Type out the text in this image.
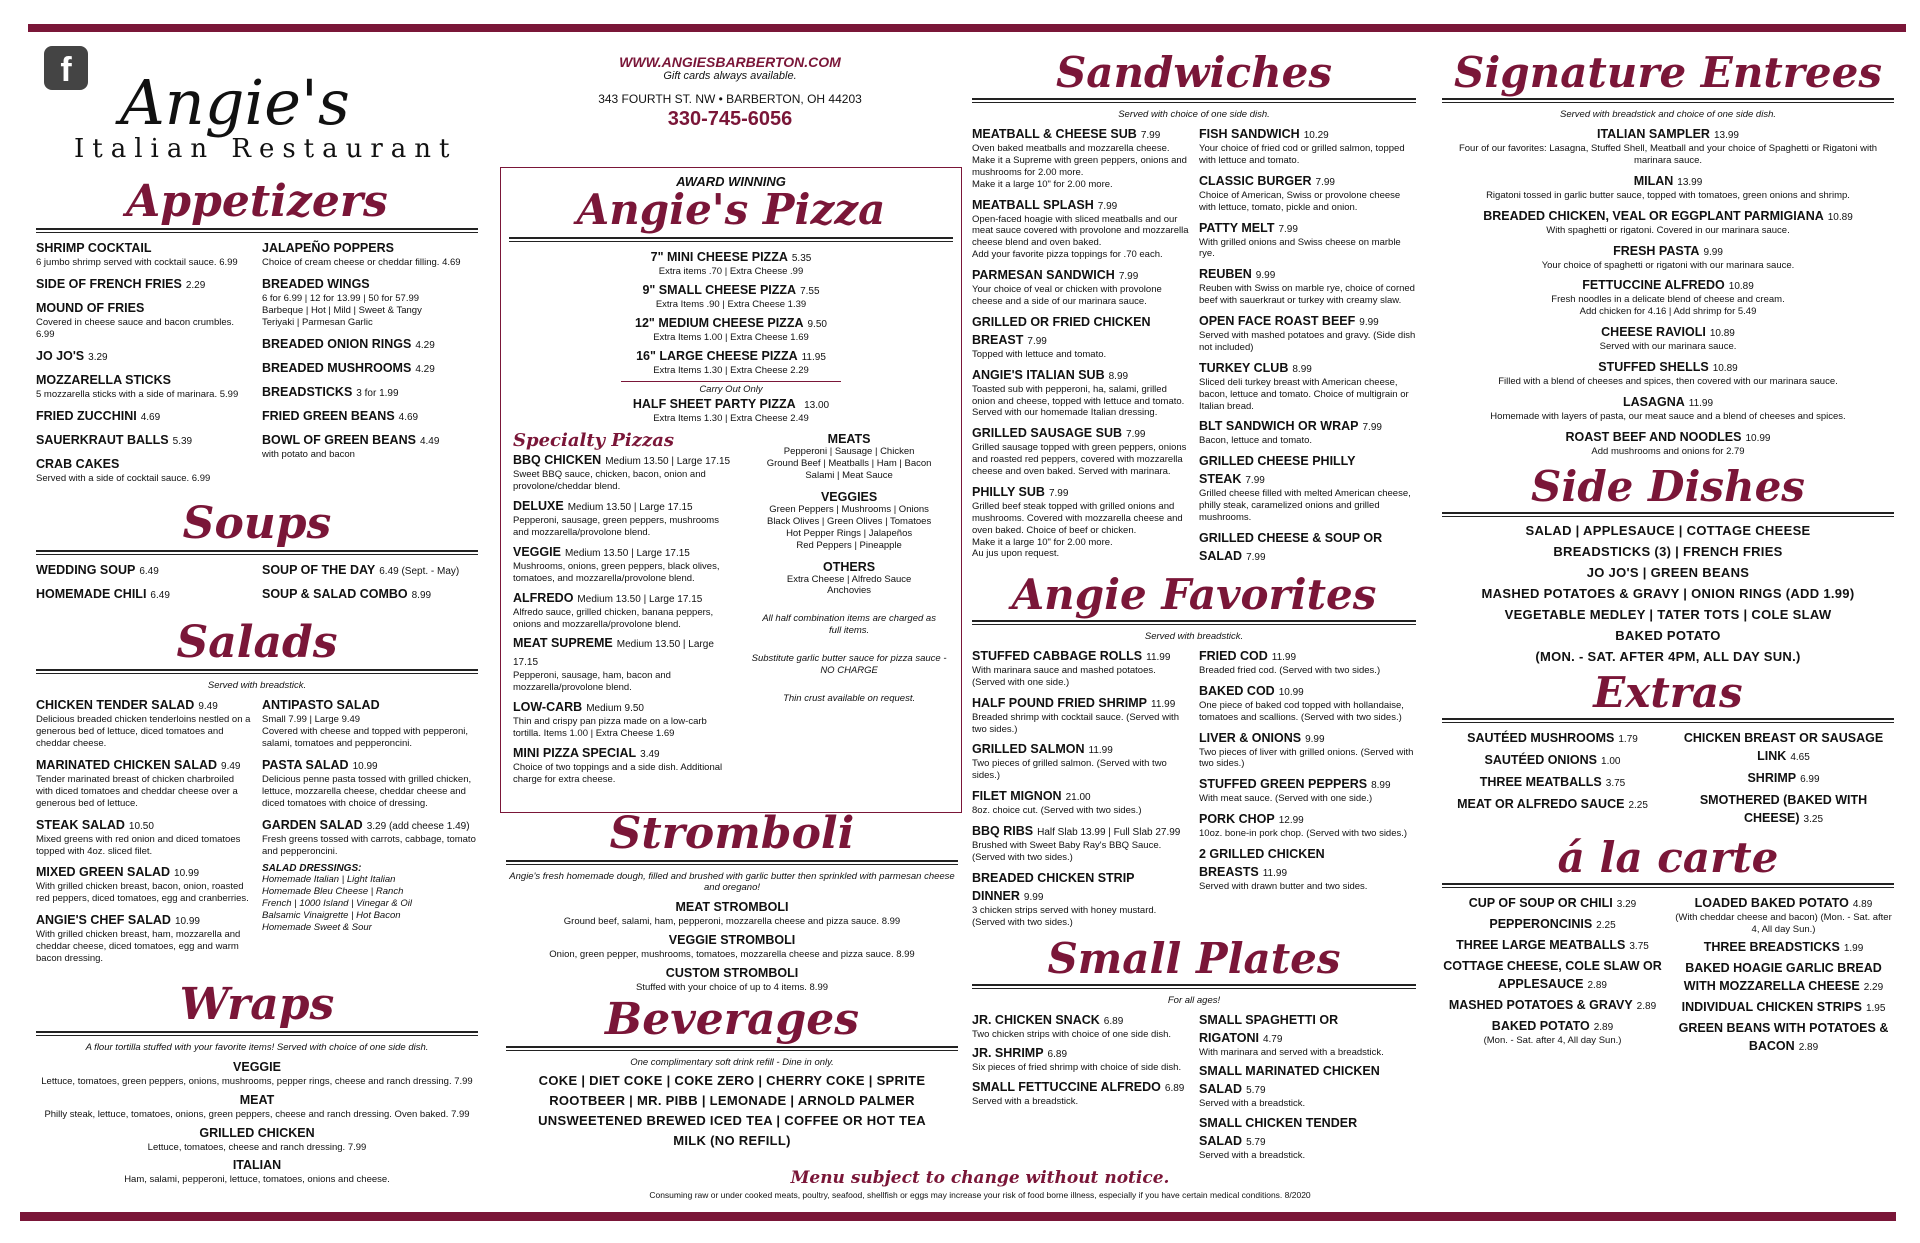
f Angie's
Italian Restaurant
Appetizers
SHRIMP COCKTAIL
6 jumbo shrimp served with cocktail sauce. 6.99
SIDE OF FRENCH FRIES 2.29
MOUND OF FRIES
Covered in cheese sauce and bacon crumbles. 6.99
JO JO'S 3.29
MOZZARELLA STICKS
5 mozzarella sticks with a side of marinara. 5.99
FRIED ZUCCHINI 4.69
SAUERKRAUT BALLS 5.39
CRAB CAKES
Served with a side of cocktail sauce. 6.99
JALAPEÑO POPPERS
Choice of cream cheese or cheddar filling. 4.69
BREADED WINGS
6 for 6.99 | 12 for 13.99 | 50 for 57.99
Barbeque | Hot | Mild | Sweet & Tangy
Teriyaki | Parmesan Garlic
BREADED ONION RINGS 4.29
BREADED MUSHROOMS 4.29
BREADSTICKS 3 for 1.99
FRIED GREEN BEANS 4.69
BOWL OF GREEN BEANS 4.49
with potato and bacon
Soups
WEDDING SOUP 6.49
HOMEMADE CHILI 6.49
SOUP OF THE DAY 6.49 (Sept. - May)
SOUP & SALAD COMBO 8.99
Salads
Served with breadstick.
CHICKEN TENDER SALAD 9.49
Delicious breaded chicken tenderloins nestled on a generous bed of lettuce, diced tomatoes and cheddar cheese.
MARINATED CHICKEN SALAD 9.49
Tender marinated breast of chicken charbroiled with diced tomatoes and cheddar cheese over a generous bed of lettuce.
STEAK SALAD 10.50
Mixed greens with red onion and diced tomatoes topped with 4oz. sliced filet.
MIXED GREEN SALAD 10.99
With grilled chicken breast, bacon, onion, roasted red peppers, diced tomatoes, egg and cranberries.
ANGIE'S CHEF SALAD 10.99
With grilled chicken breast, ham, mozzarella and cheddar cheese, diced tomatoes, egg and warm bacon dressing.
ANTIPASTO SALAD
Small 7.99 | Large 9.49
Covered with cheese and topped with pepperoni, salami, tomatoes and pepperoncini.
PASTA SALAD 10.99
Delicious penne pasta tossed with grilled chicken, lettuce, mozzarella cheese, cheddar cheese and diced tomatoes with choice of dressing.
GARDEN SALAD 3.29 (add cheese 1.49)
Fresh greens tossed with carrots, cabbage, tomato and pepperoncini.
SALAD DRESSINGS:
Homemade Italian | Light Italian
Homemade Bleu Cheese | Ranch
French | 1000 Island | Vinegar & Oil
Balsamic Vinaigrette | Hot Bacon
Homemade Sweet & Sour
Wraps
A flour tortilla stuffed with your favorite items! Served with choice of one side dish.
VEGGIE
Lettuce, tomatoes, green peppers, onions, mushrooms, pepper rings, cheese and ranch dressing. 7.99
MEAT
Philly steak, lettuce, tomatoes, onions, green peppers, cheese and ranch dressing. Oven baked. 7.99
GRILLED CHICKEN
Lettuce, tomatoes, cheese and ranch dressing. 7.99
ITALIAN
Ham, salami, pepperoni, lettuce, tomatoes, onions and cheese.
WWW.ANGIESBARBERTON.COM
Gift cards always available.
343 FOURTH ST. NW • BARBERTON, OH 44203
330-745-6056
AWARD WINNING
Angie's Pizza
7" MINI CHEESE PIZZA 5.35
Extra items .70 | Extra Cheese .99
9" SMALL CHEESE PIZZA 7.55
Extra Items .90 | Extra Cheese 1.39
12" MEDIUM CHEESE PIZZA 9.50
Extra Items 1.00 | Extra Cheese 1.69
16" LARGE CHEESE PIZZA 11.95
Extra Items 1.30 | Extra Cheese 2.29
Carry Out Only
HALF SHEET PARTY PIZZA 13.00
Extra Items 1.30 | Extra Cheese 2.49
Specialty Pizzas
BBQ CHICKEN Medium 13.50 | Large 17.15
Sweet BBQ sauce, chicken, bacon, onion and provolone/cheddar blend.
DELUXE Medium 13.50 | Large 17.15
Pepperoni, sausage, green peppers, mushrooms and mozzarella/provolone blend.
VEGGIE Medium 13.50 | Large 17.15
Mushrooms, onions, green peppers, black olives, tomatoes, and mozzarella/provolone blend.
ALFREDO Medium 13.50 | Large 17.15
Alfredo sauce, grilled chicken, banana peppers, onions and mozzarella/provolone blend.
MEAT SUPREME Medium 13.50 | Large 17.15
Pepperoni, sausage, ham, bacon and mozzarella/provolone blend.
LOW-CARB Medium 9.50
Thin and crispy pan pizza made on a low-carb tortilla. Items 1.00 | Extra Cheese 1.69
MINI PIZZA SPECIAL 3.49
Choice of two toppings and a side dish. Additional charge for extra cheese.
MEATS
Pepperoni | Sausage | Chicken
Ground Beef | Meatballs | Ham | Bacon
Salami | Meat Sauce
VEGGIES
Green Peppers | Mushrooms | Onions
Black Olives | Green Olives | Tomatoes
Hot Pepper Rings | Jalapeños
Red Peppers | Pineapple
OTHERS
Extra Cheese | Alfredo Sauce
Anchovies
All half combination items are charged as full items.
Substitute garlic butter sauce for pizza sauce - NO CHARGE
Thin crust available on request.
Stromboli
Angie's fresh homemade dough, filled and brushed with garlic butter then sprinkled with parmesan cheese and oregano!
MEAT STROMBOLI
Ground beef, salami, ham, pepperoni, mozzarella cheese and pizza sauce. 8.99
VEGGIE STROMBOLI
Onion, green pepper, mushrooms, tomatoes, mozzarella cheese and pizza sauce. 8.99
CUSTOM STROMBOLI
Stuffed with your choice of up to 4 items. 8.99
Beverages
One complimentary soft drink refill - Dine in only.
COKE | DIET COKE | COKE ZERO | CHERRY COKE | SPRITE
ROOTBEER | MR. PIBB | LEMONADE | ARNOLD PALMER
UNSWEETENED BREWED ICED TEA | COFFEE OR HOT TEA
MILK (NO REFILL)
Sandwiches
Served with choice of one side dish.
MEATBALL & CHEESE SUB 7.99
Oven baked meatballs and mozzarella cheese.
Make it a Supreme with green peppers, onions and mushrooms for 2.00 more.
Make it a large 10" for 2.00 more.
MEATBALL SPLASH 7.99
Open-faced hoagie with sliced meatballs and our meat sauce covered with provolone and mozzarella cheese blend and oven baked.
Add your favorite pizza toppings for .70 each.
PARMESAN SANDWICH 7.99
Your choice of veal or chicken with provolone cheese and a side of our marinara sauce.
GRILLED OR FRIED CHICKEN BREAST 7.99
Topped with lettuce and tomato.
ANGIE'S ITALIAN SUB 8.99
Toasted sub with pepperoni, ha, salami, grilled onion and cheese, topped with lettuce and tomato. Served with our homemade Italian dressing.
GRILLED SAUSAGE SUB 7.99
Grilled sausage topped with green peppers, onions and roasted red peppers, covered with mozzarella cheese and oven baked. Served with marinara.
PHILLY SUB 7.99
Grilled beef steak topped with grilled onions and mushrooms. Covered with mozzarella cheese and oven baked. Choice of beef or chicken.
Make it a large 10" for 2.00 more.
Au jus upon request.
FISH SANDWICH 10.29
Your choice of fried cod or grilled salmon, topped with lettuce and tomato.
CLASSIC BURGER 7.99
Choice of American, Swiss or provolone cheese with lettuce, tomato, pickle and onion.
PATTY MELT 7.99
With grilled onions and Swiss cheese on marble rye.
REUBEN 9.99
Reuben with Swiss on marble rye, choice of corned beef with sauerkraut or turkey with creamy slaw.
OPEN FACE ROAST BEEF 9.99
Served with mashed potatoes and gravy. (Side dish not included)
TURKEY CLUB 8.99
Sliced deli turkey breast with American cheese, bacon, lettuce and tomato. Choice of multigrain or Italian bread.
BLT SANDWICH OR WRAP 7.99
Bacon, lettuce and tomato.
GRILLED CHEESE PHILLY STEAK 7.99
Grilled cheese filled with melted American cheese, philly steak, caramelized onions and grilled mushrooms.
GRILLED CHEESE & SOUP OR SALAD 7.99
Angie Favorites
Served with breadstick.
STUFFED CABBAGE ROLLS 11.99
With marinara sauce and mashed potatoes. (Served with one side.)
HALF POUND FRIED SHRIMP 11.99
Breaded shrimp with cocktail sauce. (Served with two sides.)
GRILLED SALMON 11.99
Two pieces of grilled salmon. (Served with two sides.)
FILET MIGNON 21.00
8oz. choice cut. (Served with two sides.)
BBQ RIBS Half Slab 13.99 | Full Slab 27.99
Brushed with Sweet Baby Ray's BBQ Sauce. (Served with two sides.)
BREADED CHICKEN STRIP DINNER 9.99
3 chicken strips served with honey mustard. (Served with two sides.)
FRIED COD 11.99
Breaded fried cod. (Served with two sides.)
BAKED COD 10.99
One piece of baked cod topped with hollandaise, tomatoes and scallions. (Served with two sides.)
LIVER & ONIONS 9.99
Two pieces of liver with grilled onions. (Served with two sides.)
STUFFED GREEN PEPPERS 8.99
With meat sauce. (Served with one side.)
PORK CHOP 12.99
10oz. bone-in pork chop. (Served with two sides.)
2 GRILLED CHICKEN BREASTS 11.99
Served with drawn butter and two sides.
Small Plates
For all ages!
JR. CHICKEN SNACK 6.89
Two chicken strips with choice of one side dish.
JR. SHRIMP 6.89
Six pieces of fried shrimp with choice of side dish.
SMALL FETTUCCINE ALFREDO 6.89
Served with a breadstick.
SMALL SPAGHETTI OR RIGATONI 4.79
With marinara and served with a breadstick.
SMALL MARINATED CHICKEN SALAD 5.79
Served with a breadstick.
SMALL CHICKEN TENDER SALAD 5.79
Served with a breadstick.
Menu subject to change without notice.
Consuming raw or under cooked meats, poultry, seafood, shellfish or eggs may increase your risk of food borne illness, especially if you have certain medical conditions. 8/2020
Signature Entrees
Served with breadstick and choice of one side dish.
ITALIAN SAMPLER 13.99
Four of our favorites: Lasagna, Stuffed Shell, Meatball and your choice of Spaghetti or Rigatoni with marinara sauce.
MILAN 13.99
Rigatoni tossed in garlic butter sauce, topped with tomatoes, green onions and shrimp.
BREADED CHICKEN, VEAL OR EGGPLANT PARMIGIANA 10.89
With spaghetti or rigatoni. Covered in our marinara sauce.
FRESH PASTA 9.99
Your choice of spaghetti or rigatoni with our marinara sauce.
FETTUCCINE ALFREDO 10.89
Fresh noodles in a delicate blend of cheese and cream.
Add chicken for 4.16 | Add shrimp for 5.49
CHEESE RAVIOLI 10.89
Served with our marinara sauce.
STUFFED SHELLS 10.89
Filled with a blend of cheeses and spices, then covered with our marinara sauce.
LASAGNA 11.99
Homemade with layers of pasta, our meat sauce and a blend of cheeses and spices.
ROAST BEEF AND NOODLES 10.99
Add mushrooms and onions for 2.79
Side Dishes
SALAD | APPLESAUCE | COTTAGE CHEESE
BREADSTICKS (3) | FRENCH FRIES
JO JO'S | GREEN BEANS
MASHED POTATOES & GRAVY | ONION RINGS (ADD 1.99)
VEGETABLE MEDLEY | TATER TOTS | COLE SLAW
BAKED POTATO
(MON. - SAT. AFTER 4PM, ALL DAY SUN.)
Extras
SAUTÉED MUSHROOMS 1.79
SAUTÉED ONIONS 1.00
THREE MEATBALLS 3.75
MEAT OR ALFREDO SAUCE 2.25
CHICKEN BREAST OR SAUSAGE LINK 4.65
SHRIMP 6.99
SMOTHERED (BAKED WITH CHEESE) 3.25
á la carte
CUP OF SOUP OR CHILI 3.29
PEPPERONCINIS 2.25
THREE LARGE MEATBALLS 3.75
COTTAGE CHEESE, COLE SLAW OR APPLESAUCE 2.89
MASHED POTATOES & GRAVY 2.89
BAKED POTATO 2.89
(Mon. - Sat. after 4, All day Sun.)
LOADED BAKED POTATO 4.89
(With cheddar cheese and bacon) (Mon. - Sat. after 4, All day Sun.)
THREE BREADSTICKS 1.99
BAKED HOAGIE GARLIC BREAD WITH MOZZARELLA CHEESE 2.29
INDIVIDUAL CHICKEN STRIPS 1.95
GREEN BEANS WITH POTATOES & BACON 2.89
